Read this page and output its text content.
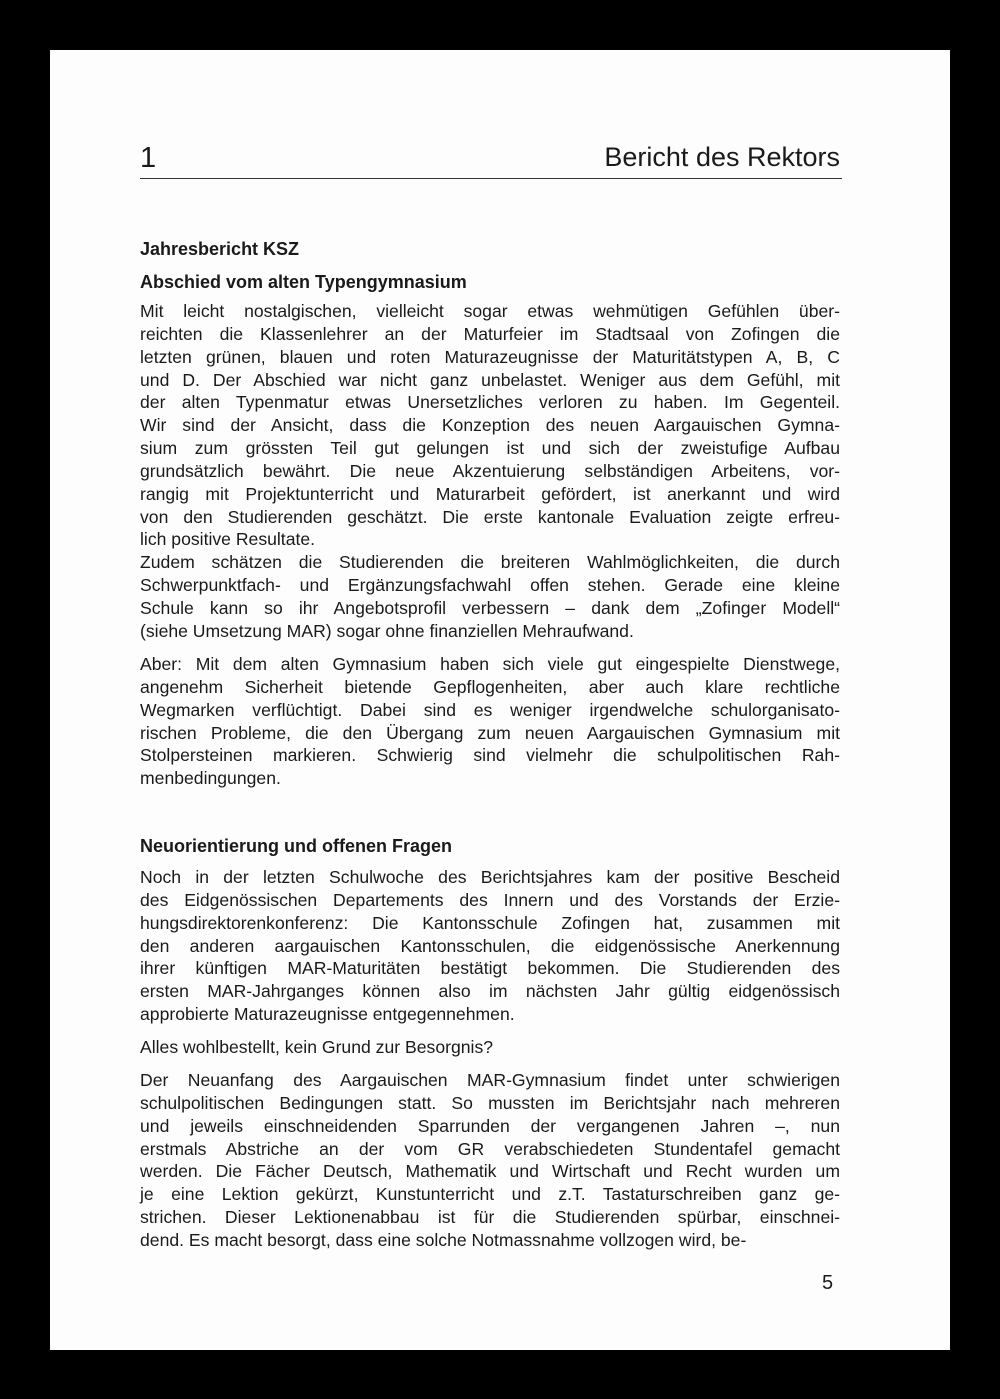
1	Bericht des Rektors
Jahresbericht KSZ
Abschied vom alten Typengymnasium
Mit leicht nostalgischen, vielleicht sogar etwas wehmütigen Gefühlen über-
reichten die Klassenlehrer an der Maturfeier im Stadtsaal von Zofingen die
letzten grünen, blauen und roten Maturazeugnisse der Maturitätstypen A, B, C
und D. Der Abschied war nicht ganz unbelastet. Weniger aus dem Gefühl, mit
der alten Typenmatur etwas Unersetzliches verloren zu haben. Im Gegenteil.
Wir sind der Ansicht, dass die Konzeption des neuen Aargauischen Gymna-
sium zum grössten Teil gut gelungen ist und sich der zweistufige Aufbau
grundsätzlich bewährt. Die neue Akzentuierung selbständigen Arbeitens, vor-
rangig mit Projektunterricht und Maturarbeit gefördert, ist anerkannt und wird
von den Studierenden geschätzt. Die erste kantonale Evaluation zeigte erfreu-
lich positive Resultate.
Zudem schätzen die Studierenden die breiteren Wahlmöglichkeiten, die durch
Schwerpunktfach- und Ergänzungsfachwahl offen stehen. Gerade eine kleine
Schule kann so ihr Angebotsprofil verbessern – dank dem „Zofinger Modell“
(siehe Umsetzung MAR) sogar ohne finanziellen Mehraufwand.
Aber: Mit dem alten Gymnasium haben sich viele gut eingespielte Dienstwege,
angenehm Sicherheit bietende Gepflogenheiten, aber auch klare rechtliche
Wegmarken verflüchtigt. Dabei sind es weniger irgendwelche schulorganisato-
rischen Probleme, die den Übergang zum neuen Aargauischen Gymnasium mit
Stolpersteinen markieren. Schwierig sind vielmehr die schulpolitischen Rah-
menbedingungen.
Neuorientierung und offenen Fragen
Noch in der letzten Schulwoche des Berichtsjahres kam der positive Bescheid
des Eidgenössischen Departements des Innern und des Vorstands der Erzie-
hungsdirektorenkonferenz: Die Kantonsschule Zofingen hat, zusammen mit
den anderen aargauischen Kantonsschulen, die eidgenössische Anerkennung
ihrer künftigen MAR-Maturitäten bestätigt bekommen. Die Studierenden des
ersten MAR-Jahrganges können also im nächsten Jahr gültig eidgenössisch
approbierte Maturazeugnisse entgegennehmen.
Alles wohlbestellt, kein Grund zur Besorgnis?
Der Neuanfang des Aargauischen MAR-Gymnasium findet unter schwierigen
schulpolitischen Bedingungen statt. So mussten im Berichtsjahr nach mehreren
und jeweils einschneidenden Sparrunden der vergangenen Jahren –, nun
erstmals Abstriche an der vom GR verabschiedeten Stundentafel gemacht
werden. Die Fächer Deutsch, Mathematik und Wirtschaft und Recht wurden um
je eine Lektion gekürzt, Kunstunterricht und z.T. Tastaturschreiben ganz ge-
strichen. Dieser Lektionenabbau ist für die Studierenden spürbar, einschnei-
dend. Es macht besorgt, dass eine solche Notmassnahme vollzogen wird, be-
5
